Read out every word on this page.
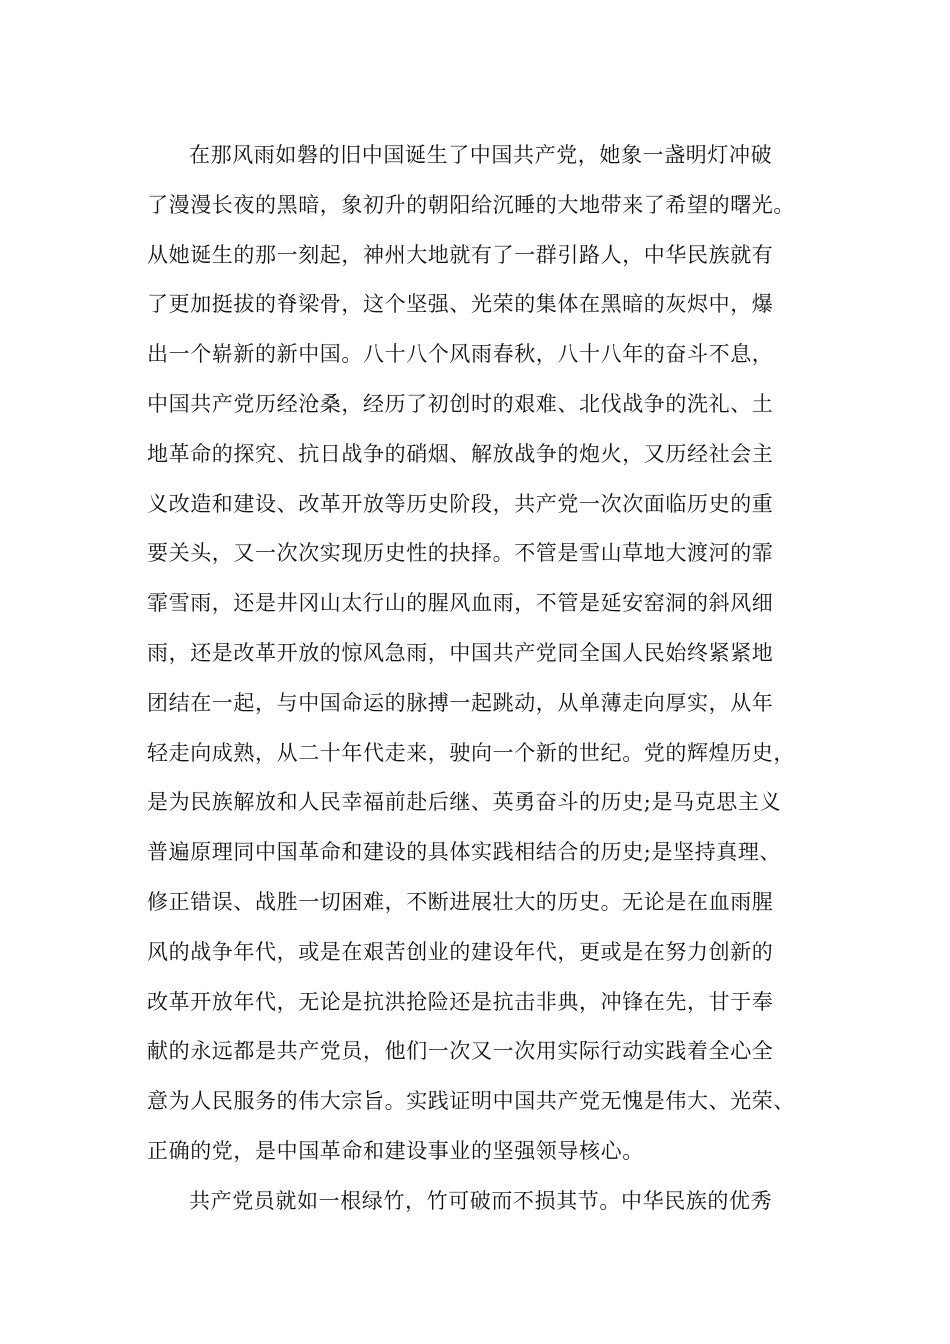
在那风雨如磐的旧中国诞生了中国共产党，她象一盏明灯冲破
了漫漫长夜的黑暗，象初升的朝阳给沉睡的大地带来了希望的曙光。
从她诞生的那一刻起，神州大地就有了一群引路人，中华民族就有
了更加挺拔的脊梁骨，这个坚强、光荣的集体在黑暗的灰烬中，爆
出一个崭新的新中国。八十八个风雨春秋，八十八年的奋斗不息，
中国共产党历经沧桑，经历了初创时的艰难、北伐战争的洗礼、土
地革命的探究、抗日战争的硝烟、解放战争的炮火，又历经社会主
义改造和建设、改革开放等历史阶段，共产党一次次面临历史的重
要关头，又一次次实现历史性的抉择。不管是雪山草地大渡河的霏
霏雪雨，还是井冈山太行山的腥风血雨，不管是延安窑洞的斜风细
雨，还是改革开放的惊风急雨，中国共产党同全国人民始终紧紧地
团结在一起，与中国命运的脉搏一起跳动，从单薄走向厚实，从年
轻走向成熟，从二十年代走来，驶向一个新的世纪。党的辉煌历史，
是为民族解放和人民幸福前赴后继、英勇奋斗的历史;是马克思主义
普遍原理同中国革命和建设的具体实践相结合的历史;是坚持真理、
修正错误、战胜一切困难，不断进展壮大的历史。无论是在血雨腥
风的战争年代，或是在艰苦创业的建设年代，更或是在努力创新的
改革开放年代，无论是抗洪抢险还是抗击非典，冲锋在先，甘于奉
献的永远都是共产党员，他们一次又一次用实际行动实践着全心全
意为人民服务的伟大宗旨。实践证明中国共产党无愧是伟大、光荣、
正确的党，是中国革命和建设事业的坚强领导核心。
共产党员就如一根绿竹，竹可破而不损其节。中华民族的优秀
